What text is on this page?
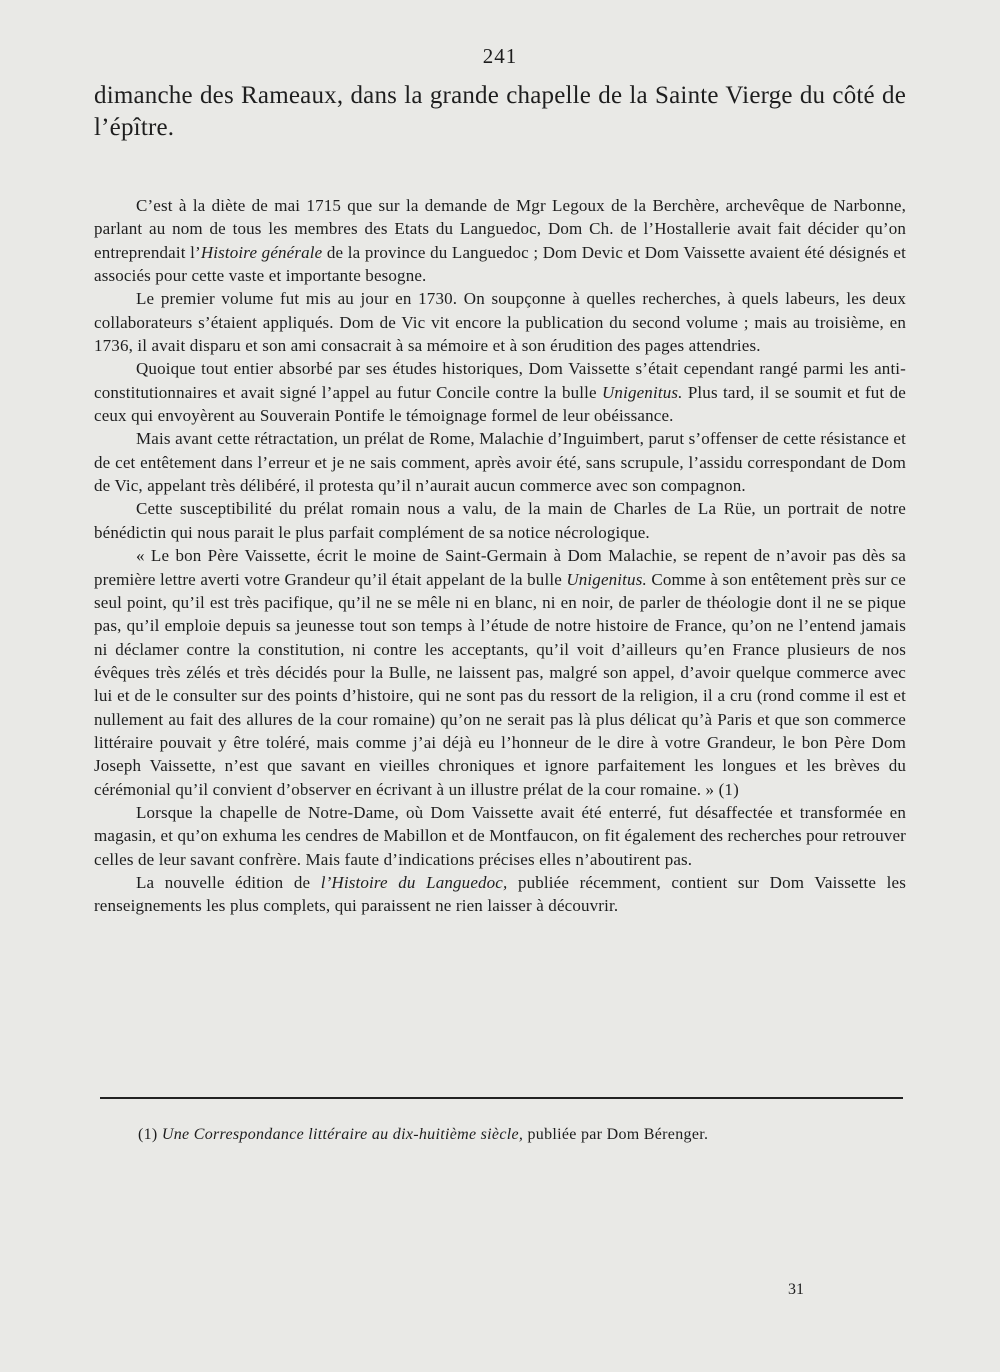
241

dimanche des Rameaux, dans la grande chapelle de la Sainte Vierge du côté de l’épître.

C’est à la diète de mai 1715 que sur la demande de Mgr Legoux de la Berchère, archevêque de Narbonne, parlant au nom de tous les membres des Etats du Languedoc, Dom Ch. de l’Hostallerie avait fait décider qu’on entreprendait l’Histoire générale de la province du Languedoc ; Dom Devic et Dom Vaissette avaient été désignés et associés pour cette vaste et importante besogne.

Le premier volume fut mis au jour en 1730. On soupçonne à quelles recherches, à quels labeurs, les deux collaborateurs s’étaient appliqués. Dom de Vic vit encore la publication du second volume ; mais au troisième, en 1736, il avait disparu et son ami consacrait à sa mémoire et à son érudition des pages attendries.

Quoique tout entier absorbé par ses études historiques, Dom Vaissette s’était cependant rangé parmi les anti-constitutionnaires et avait signé l’appel au futur Concile contre la bulle Unigenitus. Plus tard, il se soumit et fut de ceux qui envoyèrent au Souverain Pontife le témoignage formel de leur obéissance.

Mais avant cette rétractation, un prélat de Rome, Malachie d’Inguimbert, parut s’offenser de cette résistance et de cet entêtement dans l’erreur et je ne sais comment, après avoir été, sans scrupule, l’assidu correspondant de Dom de Vic, appelant très délibéré, il protesta qu’il n’aurait aucun commerce avec son compagnon.

Cette susceptibilité du prélat romain nous a valu, de la main de Charles de La Rüe, un portrait de notre bénédictin qui nous parait le plus parfait complément de sa notice nécrologique.

« Le bon Père Vaissette, écrit le moine de Saint-Germain à Dom Malachie, se repent de n’avoir pas dès sa première lettre averti votre Grandeur qu’il était appelant de la bulle Unigenitus. Comme à son entêtement près sur ce seul point, qu’il est très pacifique, qu’il ne se mêle ni en blanc, ni en noir, de parler de théologie dont il ne se pique pas, qu’il emploie depuis sa jeunesse tout son temps à l’étude de notre histoire de France, qu’on ne l’entend jamais ni déclamer contre la constitution, ni contre les acceptants, qu’il voit d’ailleurs qu’en France plusieurs de nos évêques très zélés et très décidés pour la Bulle, ne laissent pas, malgré son appel, d’avoir quelque commerce avec lui et de le consulter sur des points d’histoire, qui ne sont pas du ressort de la religion, il a cru (rond comme il est et nullement au fait des allures de la cour romaine) qu’on ne serait pas là plus délicat qu’à Paris et que son commerce littéraire pouvait y être toléré, mais comme j’ai déjà eu l’honneur de le dire à votre Grandeur, le bon Père Dom Joseph Vaissette, n’est que savant en vieilles chroniques et ignore parfaitement les longues et les brèves du cérémonial qu’il convient d’observer en écrivant à un illustre prélat de la cour romaine. » (1)

Lorsque la chapelle de Notre-Dame, où Dom Vaissette avait été enterré, fut désaffectée et transformée en magasin, et qu’on exhuma les cendres de Mabillon et de Montfaucon, on fit également des recherches pour retrouver celles de leur savant confrère. Mais faute d’indications précises elles n’aboutirent pas.

La nouvelle édition de l’Histoire du Languedoc, publiée récemment, contient sur Dom Vaissette les renseignements les plus complets, qui paraissent ne rien laisser à découvrir.

(1) Une Correspondance littéraire au dix-huitième siècle, publiée par Dom Bérenger.
31
